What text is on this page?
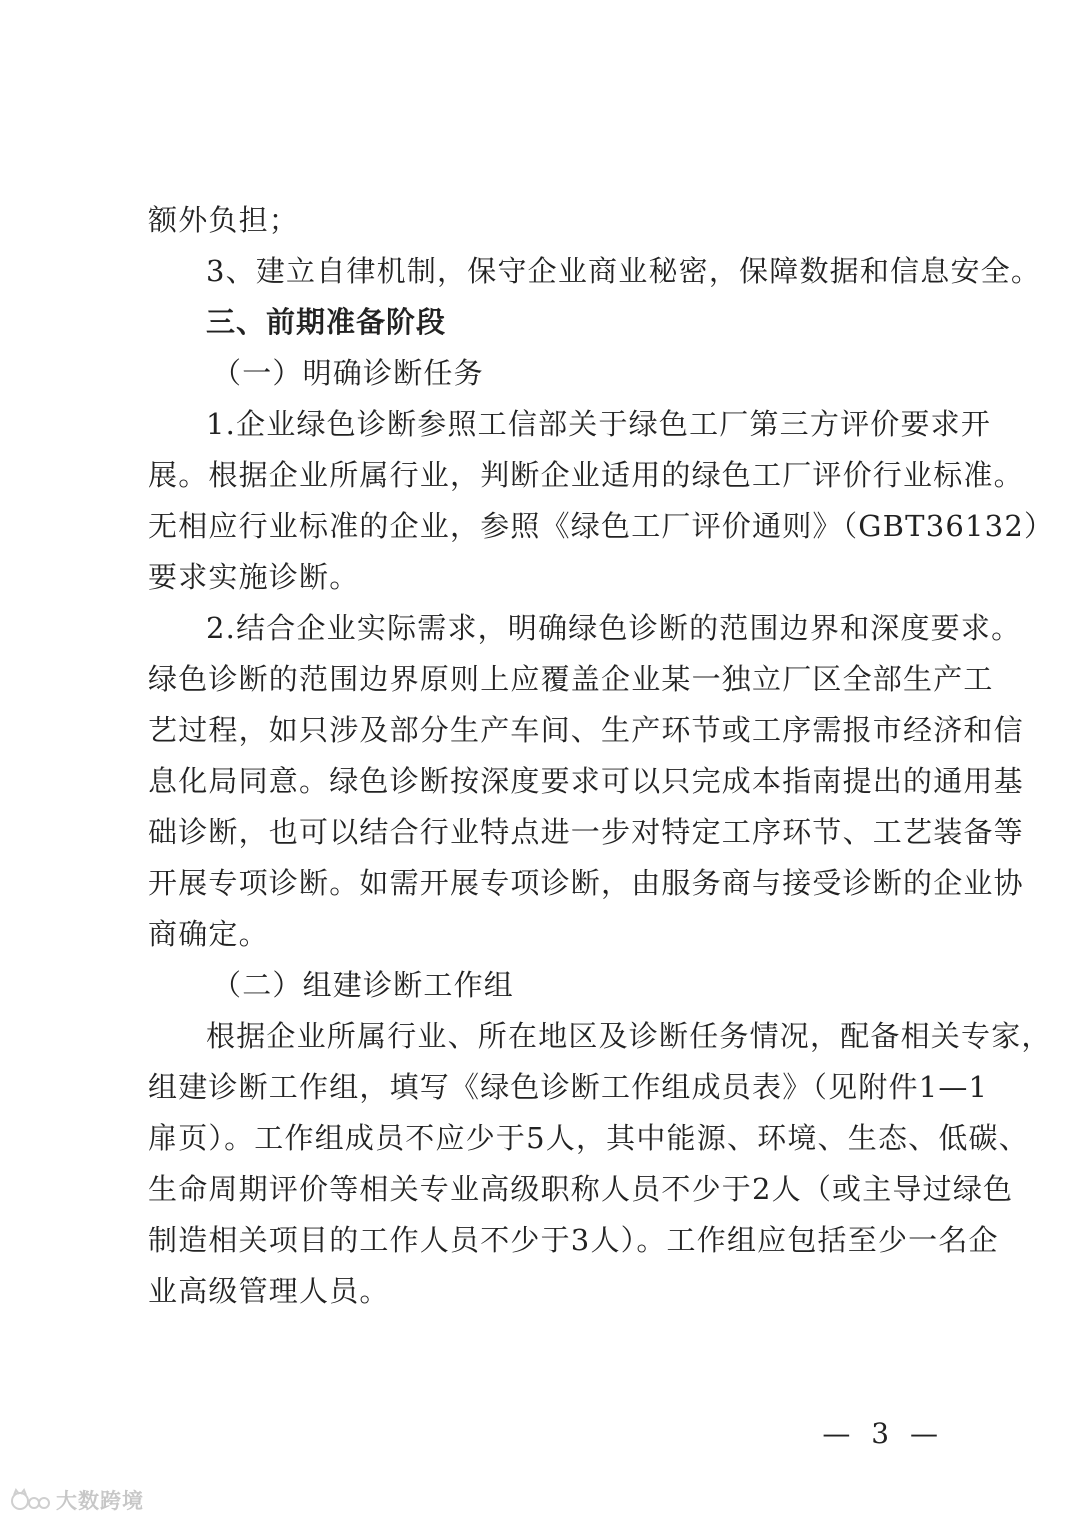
额外负担；
3、建立自律机制，保守企业商业秘密，保障数据和信息安全。
三、前期准备阶段
（一）明确诊断任务
1.企业绿色诊断参照工信部关于绿色工厂第三方评价要求开
展。根据企业所属行业，判断企业适用的绿色工厂评价行业标准。
无相应行业标准的企业，参照《绿色工厂评价通则》（GBT36132）
要求实施诊断。
2.结合企业实际需求，明确绿色诊断的范围边界和深度要求。
绿色诊断的范围边界原则上应覆盖企业某一独立厂区全部生产工
艺过程，如只涉及部分生产车间、生产环节或工序需报市经济和信
息化局同意。绿色诊断按深度要求可以只完成本指南提出的通用基
础诊断，也可以结合行业特点进一步对特定工序环节、工艺装备等
开展专项诊断。如需开展专项诊断，由服务商与接受诊断的企业协
商确定。
（二）组建诊断工作组
根据企业所属行业、所在地区及诊断任务情况，配备相关专家，
组建诊断工作组，填写《绿色诊断工作组成员表》（见附件1—1
扉页）。工作组成员不应少于5人，其中能源、环境、生态、低碳、
生命周期评价等相关专业高级职称人员不少于2人（或主导过绿色
制造相关项目的工作人员不少于3人）。工作组应包括至少一名企
业高级管理人员。
— 3 —
大数跨境
